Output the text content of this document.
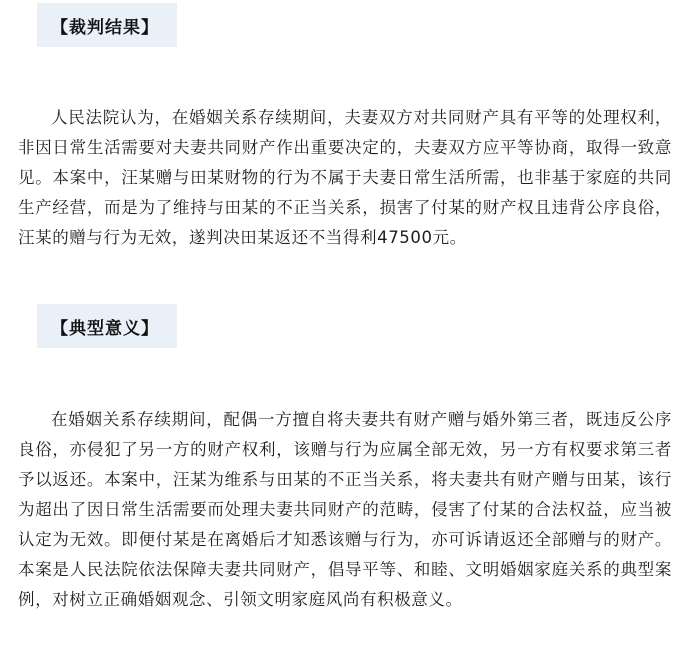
【裁判结果】

人民法院认为，在婚姻关系存续期间，夫妻双方对共同财产具有平等的处理权利，非因日常生活需要对夫妻共同财产作出重要决定的，夫妻双方应平等协商，取得一致意见。本案中，汪某赠与田某财物的行为不属于夫妻日常生活所需，也非基于家庭的共同生产经营，而是为了维持与田某的不正当关系，损害了付某的财产权且违背公序良俗，汪某的赠与行为无效，遂判决田某返还不当得利47500元。

【典型意义】

在婚姻关系存续期间，配偶一方擅自将夫妻共有财产赠与婚外第三者，既违反公序良俗，亦侵犯了另一方的财产权利，该赠与行为应属全部无效，另一方有权要求第三者予以返还。本案中，汪某为维系与田某的不正当关系，将夫妻共有财产赠与田某，该行为超出了因日常生活需要而处理夫妻共同财产的范畴，侵害了付某的合法权益，应当被认定为无效。即便付某是在离婚后才知悉该赠与行为，亦可诉请返还全部赠与的财产。本案是人民法院依法保障夫妻共同财产，倡导平等、和睦、文明婚姻家庭关系的典型案例，对树立正确婚姻观念、引领文明家庭风尚有积极意义。
